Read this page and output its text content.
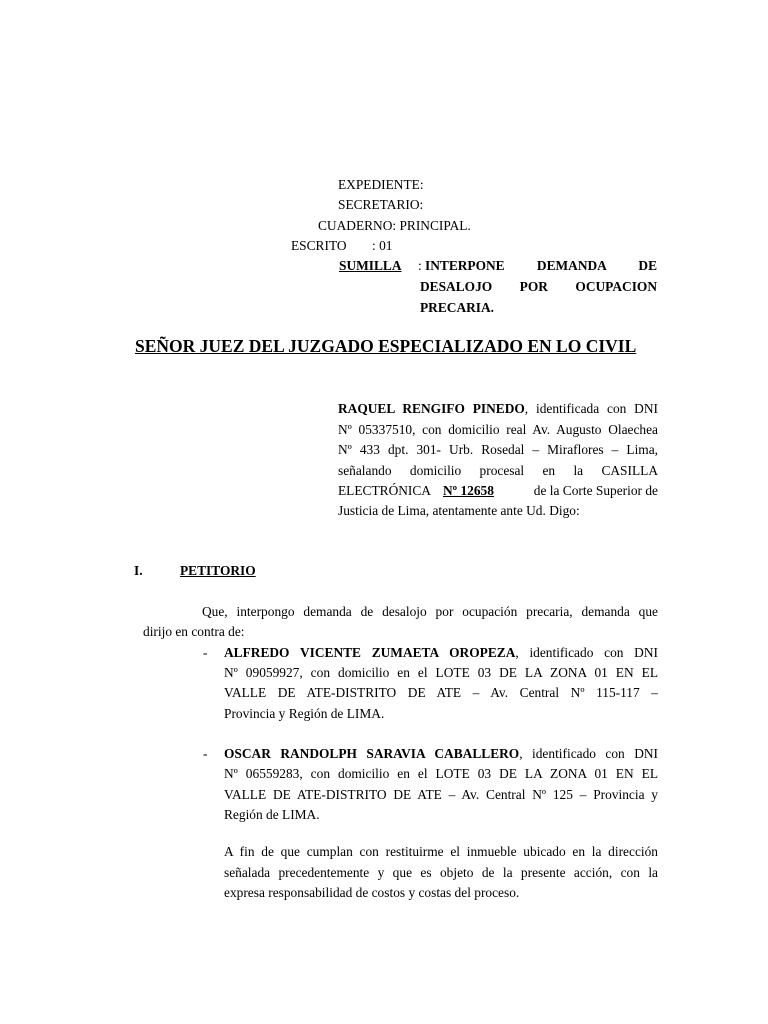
EXPEDIENTE:

SECRETARIO:

CUADERNO: PRINCIPAL.

ESCRITO : 01

SUMILLA : INTERPONE DEMANDA DE

DESALOJO POR OCUPACION

PRECARIA.

SEÑOR JUEZ DEL JUZGADO ESPECIALIZADO EN LO CIVIL

RAQUEL RENGIFO PINEDO, identificada con DNI

Nº 05337510, con domicilio real Av. Augusto Olaechea

Nº 433 dpt. 301- Urb. Rosedal – Miraflores – Lima,

señalando domicilio procesal en la CASILLA

ELECTRÓNICA Nº 12658	de la Corte Superior de

Justicia de Lima, atentamente ante Ud. Digo:

I.	PETITORIO

Que, interpongo demanda de desalojo por ocupación precaria, demanda que

dirijo en contra de:

- ALFREDO VICENTE ZUMAETA OROPEZA, identificado con DNI

Nº 09059927, con domicilio en el LOTE 03 DE LA ZONA 01 EN EL

VALLE DE ATE-DISTRITO DE ATE – Av. Central Nº 115-117 –

Provincia y Región de LIMA.

- OSCAR RANDOLPH SARAVIA CABALLERO, identificado con DNI

Nº 06559283, con domicilio en el LOTE 03 DE LA ZONA 01 EN EL

VALLE DE ATE-DISTRITO DE ATE – Av. Central Nº 125 – Provincia y

Región de LIMA.

A fin de que cumplan con restituirme el inmueble ubicado en la dirección

señalada precedentemente y que es objeto de la presente acción, con la

expresa responsabilidad de costos y costas del proceso.
